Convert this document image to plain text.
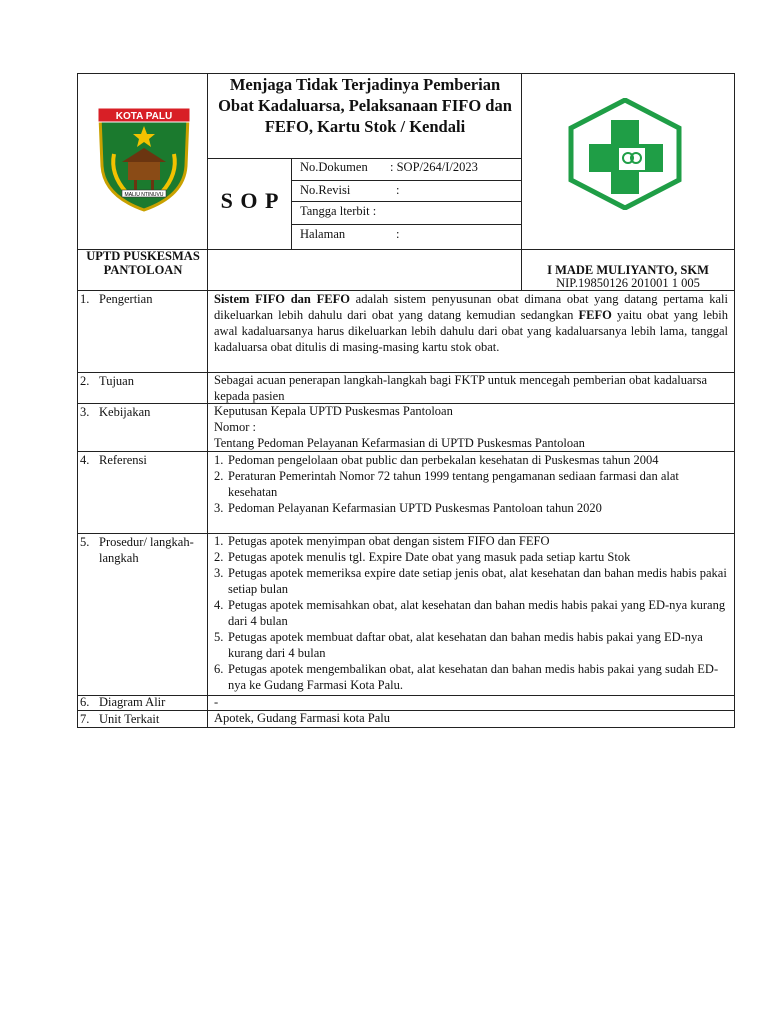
KOTA PALU
MALIU NTINUVU
Menjaga Tidak Terjadinya Pemberian Obat Kadaluarsa, Pelaksanaan FIFO dan FEFO, Kartu Stok / Kendali
S O P
No.Dokumen : SOP/264/I/2023
No.Revisi	:
Tangga lterbit :
Halaman	:
UPTD PUSKESMAS PANTOLOAN	I MADE MULIYANTO, SKM
NIP.19850126 201001 1 005
1. Pengertian	Sistem FIFO dan FEFO adalah sistem penyusunan obat dimana obat yang datang pertama kali dikeluarkan lebih dahulu dari obat yang datang kemudian sedangkan FEFO yaitu obat yang lebih awal kadaluarsanya harus dikeluarkan lebih dahulu dari obat yang kadaluarsanya lebih lama, tanggal kadaluarsa obat ditulis di masing-masing kartu stok obat.
2. Tujuan	Sebagai acuan penerapan langkah-langkah bagi FKTP untuk mencegah pemberian obat kadaluarsa kepada pasien
3. Kebijakan	Keputusan Kepala UPTD Puskesmas Pantoloan
Nomor :
Tentang Pedoman Pelayanan Kefarmasian di UPTD Puskesmas Pantoloan
4. Referensi	1. Pedoman pengelolaan obat public dan perbekalan kesehatan di Puskesmas tahun 2004
2. Peraturan Pemerintah Nomor 72 tahun 1999 tentang pengamanan sediaan farmasi dan alat kesehatan
3. Pedoman Pelayanan Kefarmasian UPTD Puskesmas Pantoloan tahun 2020
5. Prosedur/ langkah-langkah
1. Petugas apotek menyimpan obat dengan sistem FIFO dan FEFO
2. Petugas apotek menulis tgl. Expire Date obat yang masuk pada setiap kartu Stok
3. Petugas apotek memeriksa expire date setiap jenis obat, alat kesehatan dan bahan medis habis pakai setiap bulan
4. Petugas apotek memisahkan obat, alat kesehatan dan bahan medis habis pakai yang ED-nya kurang dari 4 bulan
5. Petugas apotek membuat daftar obat, alat kesehatan dan bahan medis habis pakai yang ED-nya kurang dari 4 bulan
6. Petugas apotek mengembalikan obat, alat kesehatan dan bahan medis habis pakai yang sudah ED-nya ke Gudang Farmasi Kota Palu.
6. Diagram Alir	-
7. Unit Terkait	Apotek, Gudang Farmasi kota Palu
